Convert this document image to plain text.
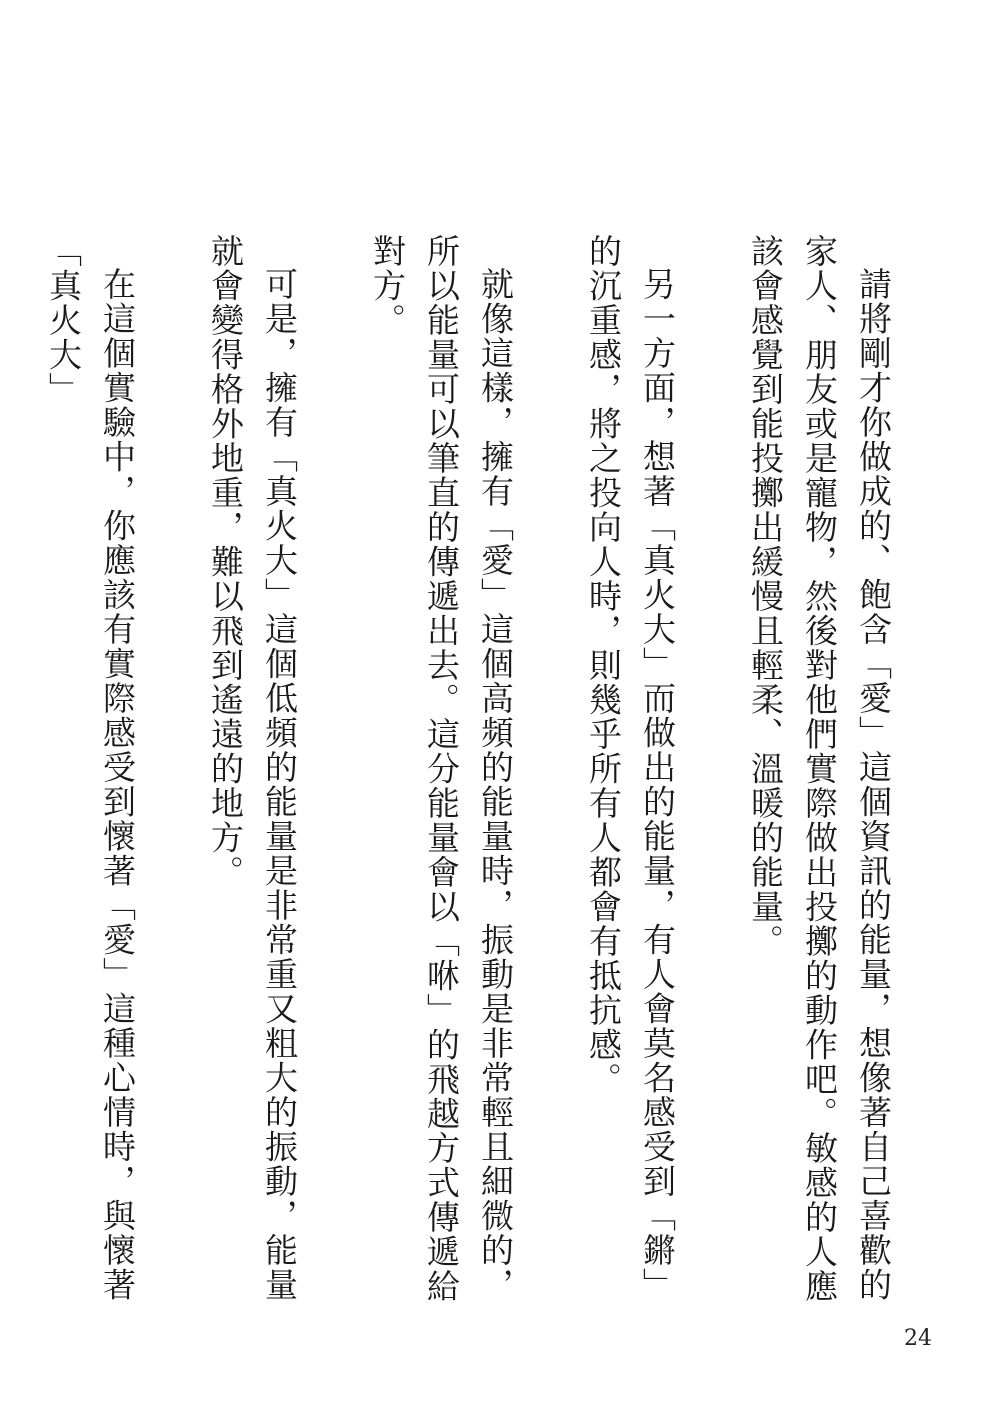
請將剛才你做成的、飽含「愛」這個資訊的能量，想像著自己喜歡的家人、朋友或是寵物，然後對他們實際做出投擲的動作吧。敏感的人應該會感覺到能投擲出緩慢且輕柔、溫暖的能量。

另一方面，想著「真火大」而做出的能量，有人會莫名感受到「鏘」的沉重感，將之投向人時，則幾乎所有人都會有抵抗感。

就像這樣，擁有「愛」這個高頻的能量時，振動是非常輕且細微的，所以能量可以筆直的傳遞出去。這分能量會以「咻」的飛越方式傳遞給對方。

可是，擁有「真火大」這個低頻的能量是非常重又粗大的振動，能量就會變得格外地重，難以飛到遙遠的地方。

在這個實驗中，你應該有實際感受到懷著「愛」這種心情時，與懷著「真火大」

24
